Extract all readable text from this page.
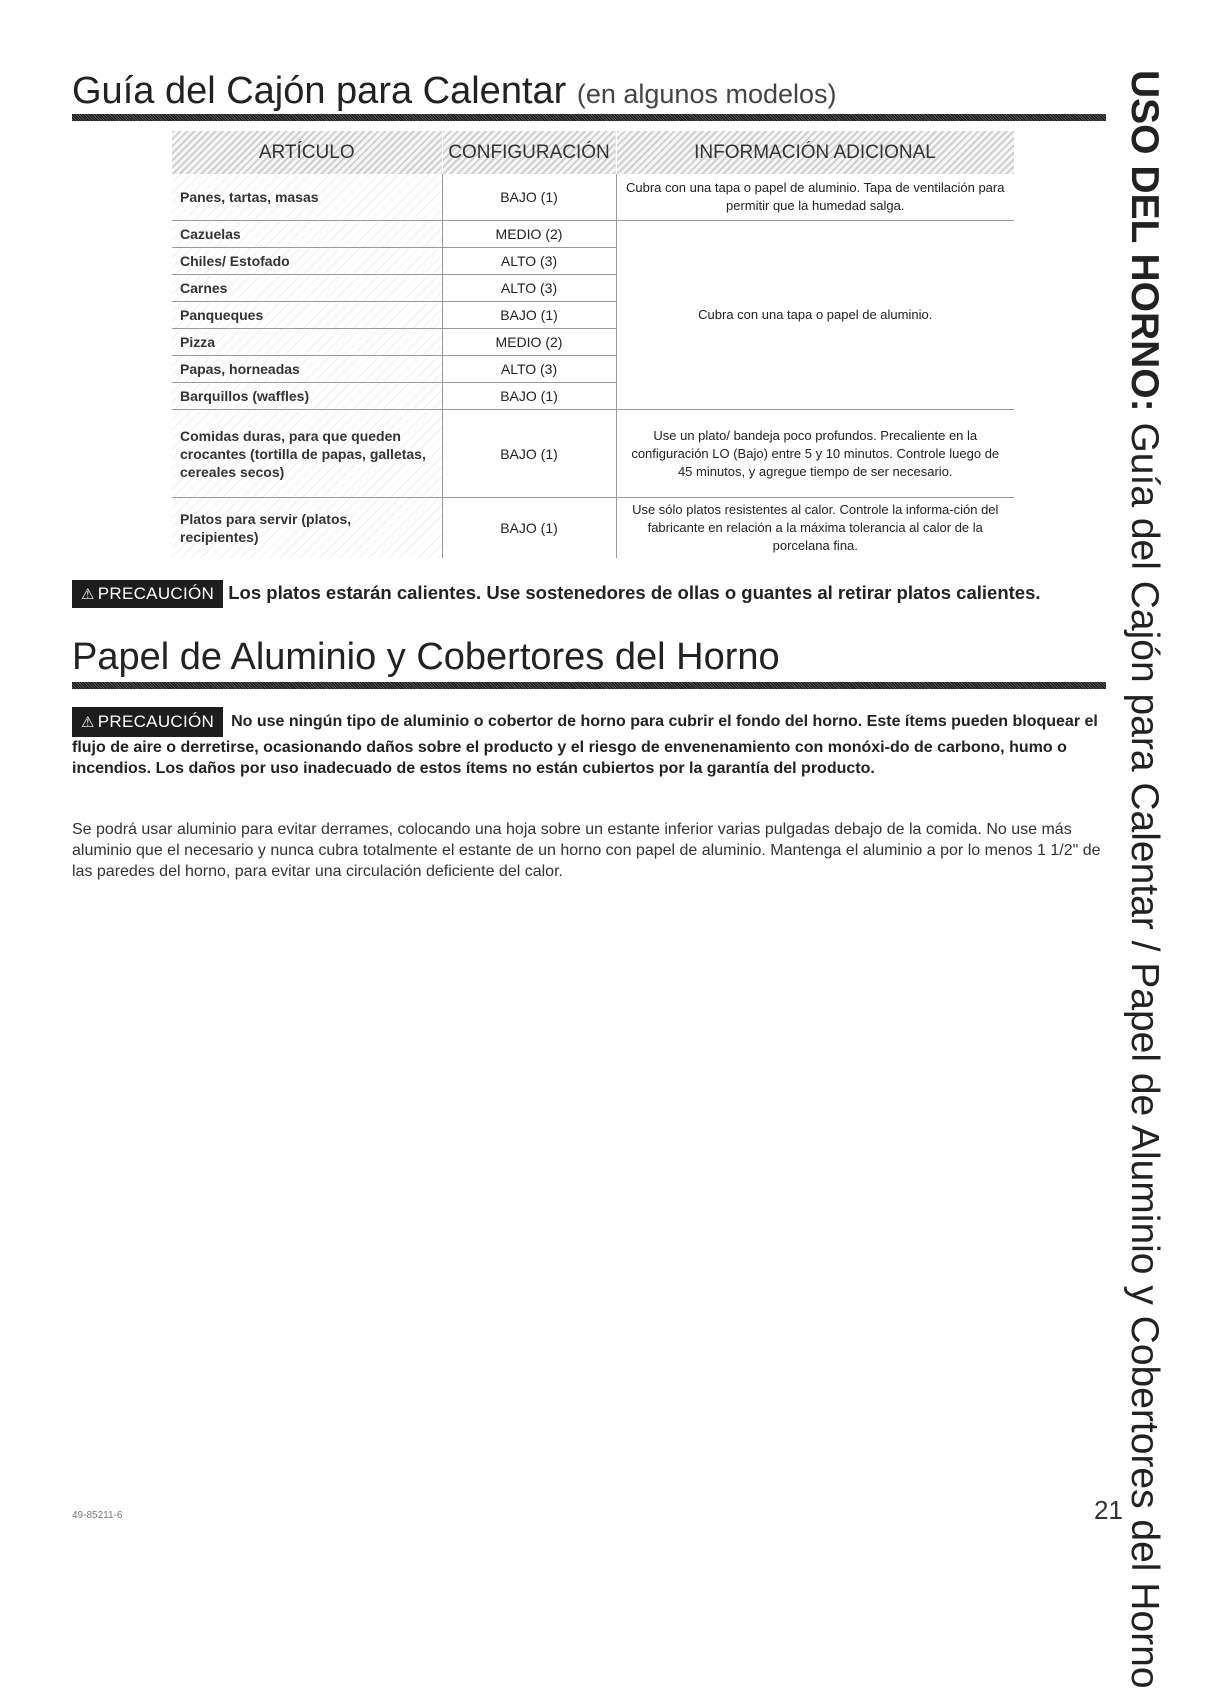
Guía del Cajón para Calentar (en algunos modelos)
ARTÍCULO	CONFIGURACIÓN	INFORMACIÓN ADICIONAL
Panes, tartas, masas	BAJO (1)	Cubra con una tapa o papel de aluminio. Tapa de ventilación para permitir que la humedad salga.
Cazuelas	MEDIO (2)	Cubra con una tapa o papel de aluminio.
Chiles/ Estofado	ALTO (3)	
Carnes	ALTO (3)	
Panqueques	BAJO (1)	
Pizza	MEDIO (2)	
Papas, horneadas	ALTO (3)	
Barquillos (waffles)	BAJO (1)	
Comidas duras, para que queden crocantes (tortilla de papas, galletas, cereales secos)	BAJO (1)	Use un plato/ bandeja poco profundos. Precaliente en la configuración LO (Bajo) entre 5 y 10 minutos. Controle luego de 45 minutos, y agregue tiempo de ser necesario.
Platos para servir (platos, recipientes)	BAJO (1)	Use sólo platos resistentes al calor. Controle la informa-ción del fabricante en relación a la máxima tolerancia al calor de la porcelana fina.
⚠ PRECAUCIÓN Los platos estarán calientes. Use sostenedores de ollas o guantes al retirar platos calientes.
Papel de Aluminio y Cobertores del Horno
⚠ PRECAUCIÓN No use ningún tipo de aluminio o cobertor de horno para cubrir el fondo del horno. Este ítems pueden bloquear el flujo de aire o derretirse, ocasionando daños sobre el producto y el riesgo de envenenamiento con monóxi-do de carbono, humo o incendios. Los daños por uso inadecuado de estos ítems no están cubiertos por la garantía del producto.

Se podrá usar aluminio para evitar derrames, colocando una hoja sobre un estante inferior varias pulgadas debajo de la comida. No use más aluminio que el necesario y nunca cubra totalmente el estante de un horno con papel de aluminio. Mantenga el aluminio a por lo menos 1 1/2" de las paredes del horno, para evitar una circulación deficiente del calor.

USO DEL HORNO: Guía del Cajón para Calentar / Papel de Aluminio y Cobertores del Horno
21
49-85211-6
